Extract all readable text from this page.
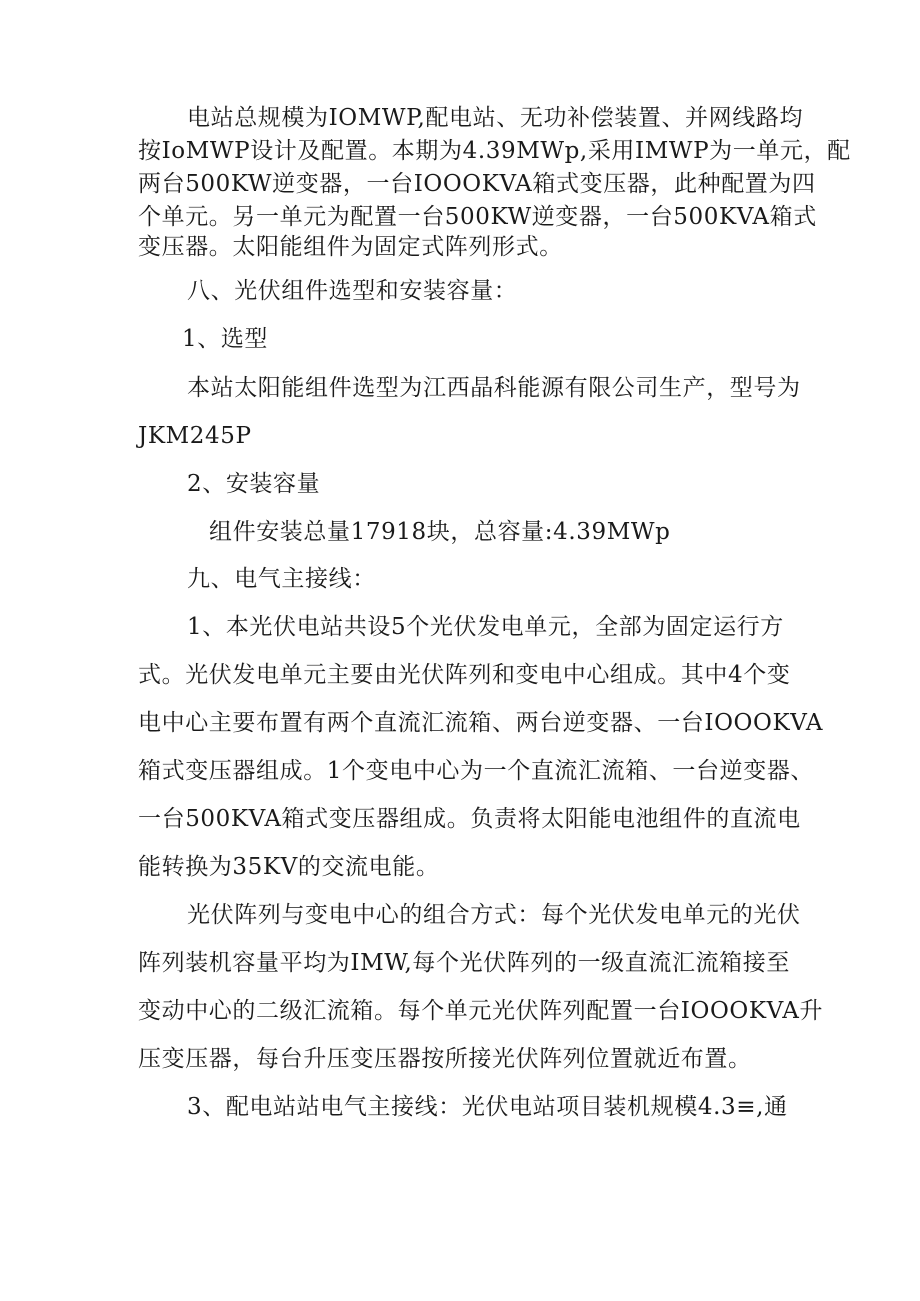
电站总规模为IOMWP,配电站、无功补偿装置、并网线路均
按IoMWP设计及配置。本期为4.39MWp,采用IMWP为一单元，配
两台500KW逆变器，一台IOOOKVA箱式变压器，此种配置为四
个单元。另一单元为配置一台500KW逆变器，一台500KVA箱式
变压器。太阳能组件为固定式阵列形式。
八、光伏组件选型和安装容量：
1、选型
本站太阳能组件选型为江西晶科能源有限公司生产，型号为
JKM245P
2、安装容量
组件安装总量17918块，总容量:4.39MWp
九、电气主接线：
1、本光伏电站共设5个光伏发电单元，全部为固定运行方
式。光伏发电单元主要由光伏阵列和变电中心组成。其中4个变
电中心主要布置有两个直流汇流箱、两台逆变器、一台IOOOKVA
箱式变压器组成。1个变电中心为一个直流汇流箱、一台逆变器、
一台500KVA箱式变压器组成。负责将太阳能电池组件的直流电
能转换为35KV的交流电能。
光伏阵列与变电中心的组合方式：每个光伏发电单元的光伏
阵列装机容量平均为IMW,每个光伏阵列的一级直流汇流箱接至
变动中心的二级汇流箱。每个单元光伏阵列配置一台IOOOKVA升
压变压器，每台升压变压器按所接光伏阵列位置就近布置。
3、配电站站电气主接线：光伏电站项目装机规模4.3≡,通
